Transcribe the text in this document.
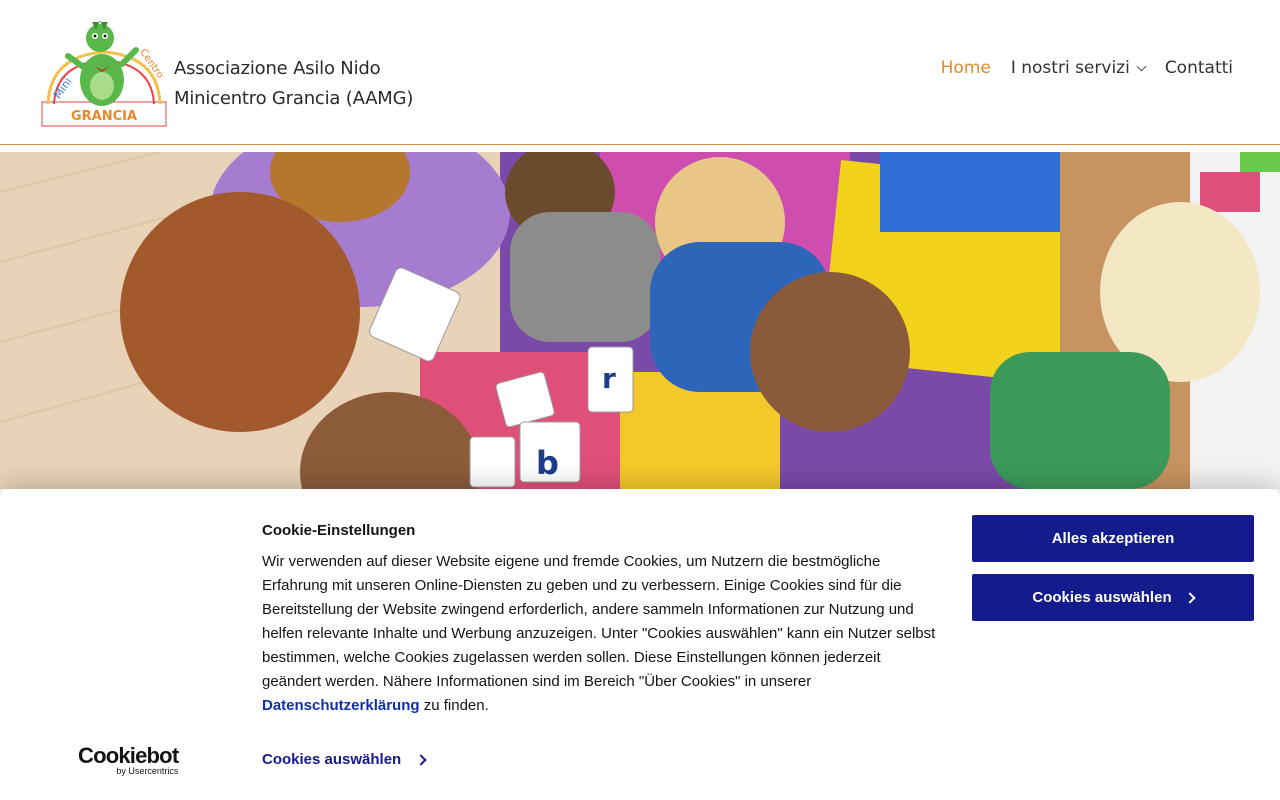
Mini
Centro
GRANCIA
Associazione Asilo Nido
Minicentro Grancia (AAMG)
Home I nostri servizi Contatti
b
r
Cookie-Einstellungen

Wir verwenden auf dieser Website eigene und fremde Cookies, um Nutzern die bestmögliche Erfahrung mit unseren Online-Diensten zu geben und zu verbessern. Einige Cookies sind für die Bereitstellung der Website zwingend erforderlich, andere sammeln Informationen zur Nutzung und helfen relevante Inhalte und Werbung anzuzeigen. Unter "Cookies auswählen" kann ein Nutzer selbst bestimmen, welche Cookies zugelassen werden sollen. Diese Einstellungen können jederzeit geändert werden. Nähere Informationen sind im Bereich "Über Cookies" in unserer Datenschutzerklärung zu finden.

Alles akzeptieren
Cookies auswählen
Cookiebot
by Usercentrics
Cookies auswählen
